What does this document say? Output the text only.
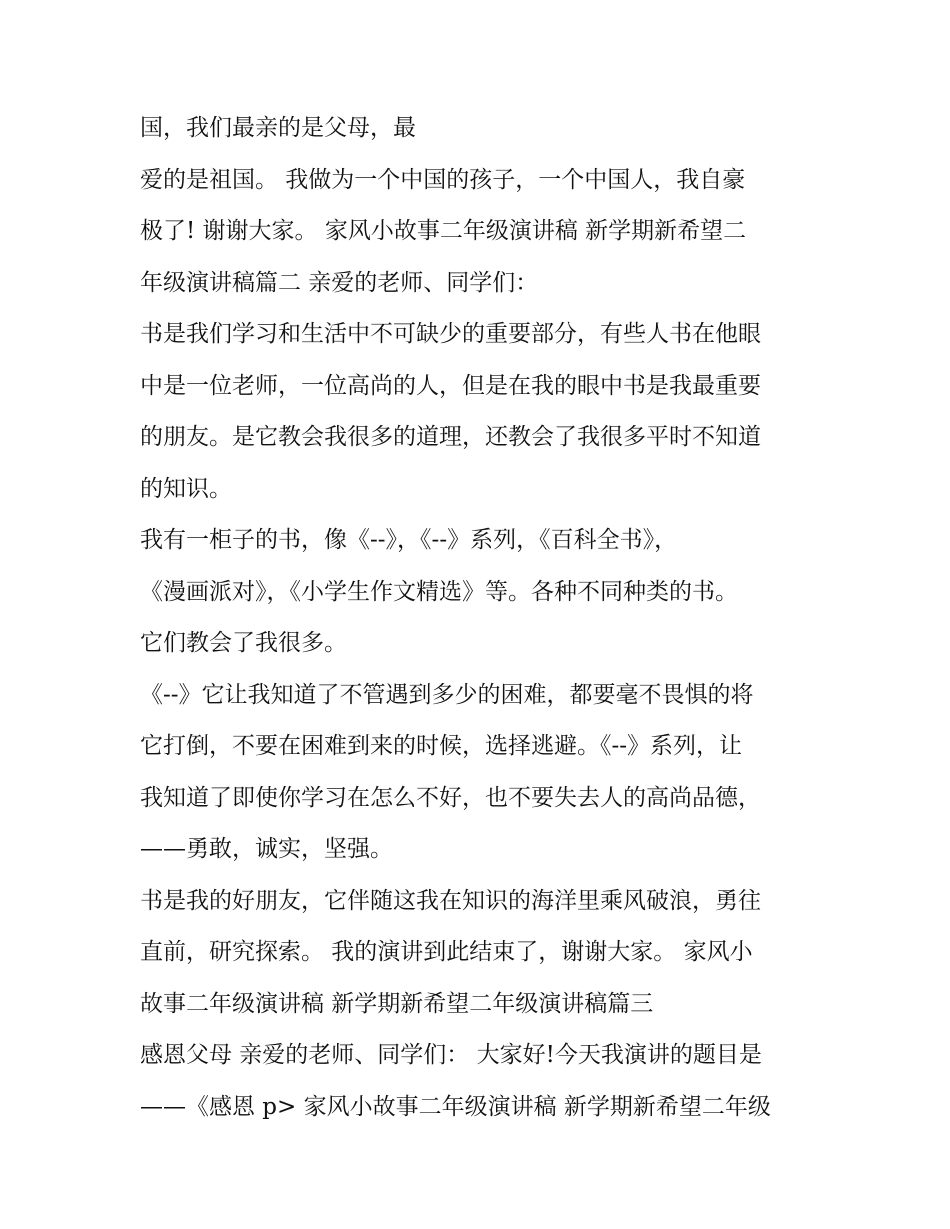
国，我们最亲的是父母，最
爱的是祖国。 我做为一个中国的孩子，一个中国人，我自豪
极了! 谢谢大家。 家风小故事二年级演讲稿 新学期新希望二
年级演讲稿篇二 亲爱的老师、同学们：
书是我们学习和生活中不可缺少的重要部分，有些人书在他眼
中是一位老师，一位高尚的人，但是在我的眼中书是我最重要
的朋友。是它教会我很多的道理，还教会了我很多平时不知道
的知识。
我有一柜子的书，像《--》，《--》系列，《百科全书》，
《漫画派对》，《小学生作文精选》等。各种不同种类的书。
它们教会了我很多。
《--》它让我知道了不管遇到多少的困难，都要毫不畏惧的将
它打倒，不要在困难到来的时候，选择逃避。《--》系列，让
我知道了即使你学习在怎么不好，也不要失去人的高尚品德，
——勇敢，诚实，坚强。
书是我的好朋友，它伴随这我在知识的海洋里乘风破浪，勇往
直前，研究探索。 我的演讲到此结束了，谢谢大家。 家风小
故事二年级演讲稿 新学期新希望二年级演讲稿篇三
感恩父母 亲爱的老师、同学们： 大家好!今天我演讲的题目是
——《感恩 p> 家风小故事二年级演讲稿 新学期新希望二年级
